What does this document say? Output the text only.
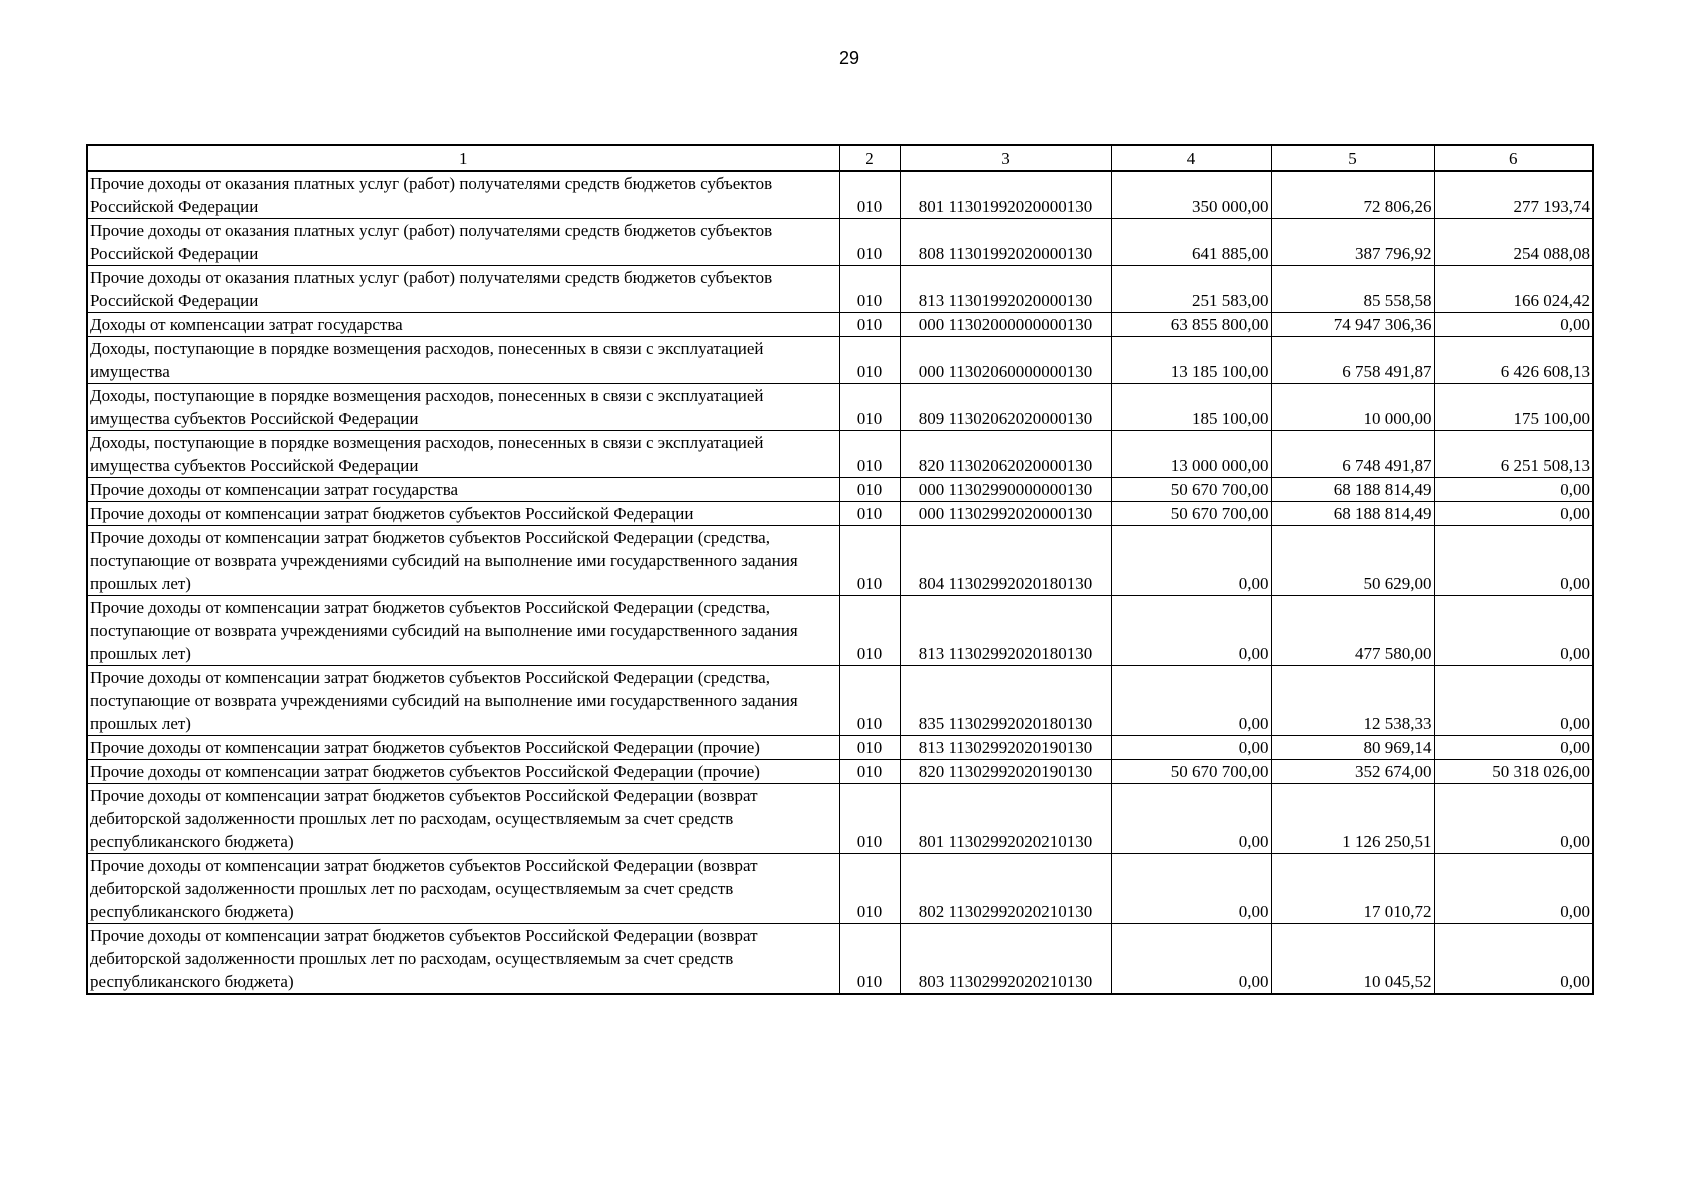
29
1	2	3	4	5	6
Прочие доходы от оказания платных услуг (работ) получателями средств бюджетов субъектов Российской Федерации	010	801 11301992020000130	350 000,00	72 806,26	277 193,74
Прочие доходы от оказания платных услуг (работ) получателями средств бюджетов субъектов Российской Федерации	010	808 11301992020000130	641 885,00	387 796,92	254 088,08
Прочие доходы от оказания платных услуг (работ) получателями средств бюджетов субъектов Российской Федерации	010	813 11301992020000130	251 583,00	85 558,58	166 024,42
Доходы от компенсации затрат государства	010	000 11302000000000130	63 855 800,00	74 947 306,36	0,00
Доходы, поступающие в порядке возмещения расходов, понесенных в связи с эксплуатацией имущества	010	000 11302060000000130	13 185 100,00	6 758 491,87	6 426 608,13
Доходы, поступающие в порядке возмещения расходов, понесенных в связи с эксплуатацией имущества субъектов Российской Федерации	010	809 11302062020000130	185 100,00	10 000,00	175 100,00
Доходы, поступающие в порядке возмещения расходов, понесенных в связи с эксплуатацией имущества субъектов Российской Федерации	010	820 11302062020000130	13 000 000,00	6 748 491,87	6 251 508,13
Прочие доходы от компенсации затрат государства	010	000 11302990000000130	50 670 700,00	68 188 814,49	0,00
Прочие доходы от компенсации затрат бюджетов субъектов Российской Федерации	010	000 11302992020000130	50 670 700,00	68 188 814,49	0,00
Прочие доходы от компенсации затрат бюджетов субъектов Российской Федерации (средства, поступающие от возврата учреждениями субсидий на выполнение ими государственного задания прошлых лет)	010	804 11302992020180130	0,00	50 629,00	0,00
Прочие доходы от компенсации затрат бюджетов субъектов Российской Федерации (средства, поступающие от возврата учреждениями субсидий на выполнение ими государственного задания прошлых лет)	010	813 11302992020180130	0,00	477 580,00	0,00
Прочие доходы от компенсации затрат бюджетов субъектов Российской Федерации (средства, поступающие от возврата учреждениями субсидий на выполнение ими государственного задания прошлых лет)	010	835 11302992020180130	0,00	12 538,33	0,00
Прочие доходы от компенсации затрат бюджетов субъектов Российской Федерации (прочие)	010	813 11302992020190130	0,00	80 969,14	0,00
Прочие доходы от компенсации затрат бюджетов субъектов Российской Федерации (прочие)	010	820 11302992020190130	50 670 700,00	352 674,00	50 318 026,00
Прочие доходы от компенсации затрат бюджетов субъектов Российской Федерации (возврат дебиторской задолженности прошлых лет по расходам, осуществляемым за счет средств республиканского бюджета)	010	801 11302992020210130	0,00	1 126 250,51	0,00
Прочие доходы от компенсации затрат бюджетов субъектов Российской Федерации (возврат дебиторской задолженности прошлых лет по расходам, осуществляемым за счет средств республиканского бюджета)	010	802 11302992020210130	0,00	17 010,72	0,00
Прочие доходы от компенсации затрат бюджетов субъектов Российской Федерации (возврат дебиторской задолженности прошлых лет по расходам, осуществляемым за счет средств республиканского бюджета)	010	803 11302992020210130	0,00	10 045,52	0,00
